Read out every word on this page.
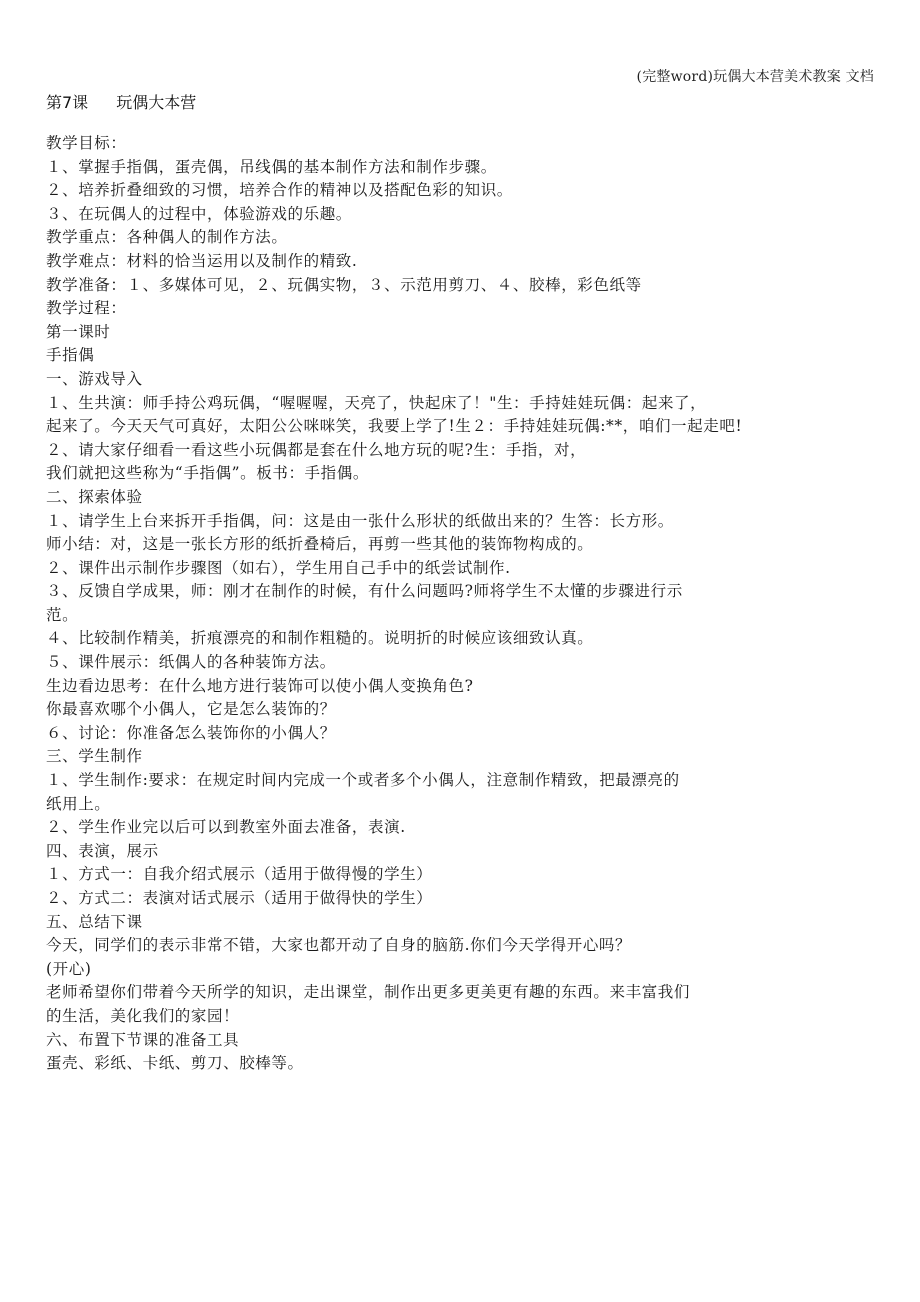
(完整word)玩偶大本营美术教案 文档
第7课 玩偶大本营
教学目标：
１、掌握手指偶，蛋壳偶，吊线偶的基本制作方法和制作步骤。
２、培养折叠细致的习惯，培养合作的精神以及搭配色彩的知识。
３、在玩偶人的过程中，体验游戏的乐趣。
教学重点：各种偶人的制作方法。
教学难点：材料的恰当运用以及制作的精致.
教学准备：１、多媒体可见，２、玩偶实物，３、示范用剪刀、４、胶棒，彩色纸等
教学过程：
第一课时
手指偶
一、游戏导入
１、生共演：师手持公鸡玩偶，“喔喔喔，天亮了，快起床了！"生：手持娃娃玩偶：起来了，
起来了。今天天气可真好，太阳公公咪咪笑，我要上学了!生２：手持娃娃玩偶:**，咱们一起走吧!
２、请大家仔细看一看这些小玩偶都是套在什么地方玩的呢?生：手指，对，
我们就把这些称为“手指偶”。板书：手指偶。
二、探索体验
１、请学生上台来拆开手指偶，问：这是由一张什么形状的纸做出来的？生答：长方形。
师小结：对，这是一张长方形的纸折叠椅后，再剪一些其他的装饰物构成的。
２、课件出示制作步骤图（如右），学生用自己手中的纸尝试制作.
３、反馈自学成果，师：刚才在制作的时候，有什么问题吗?师将学生不太懂的步骤进行示
范。
４、比较制作精美，折痕漂亮的和制作粗糙的。说明折的时候应该细致认真。
５、课件展示：纸偶人的各种装饰方法。
生边看边思考：在什么地方进行装饰可以使小偶人变换角色?
你最喜欢哪个小偶人，它是怎么装饰的？
６、讨论：你准备怎么装饰你的小偶人？
三、学生制作
１、学生制作:要求：在规定时间内完成一个或者多个小偶人，注意制作精致，把最漂亮的
纸用上。
２、学生作业完以后可以到教室外面去准备，表演.
四、表演，展示
１、方式一：自我介绍式展示（适用于做得慢的学生）
２、方式二：表演对话式展示（适用于做得快的学生）
五、总结下课
今天，同学们的表示非常不错，大家也都开动了自身的脑筋.你们今天学得开心吗？
(开心)
老师希望你们带着今天所学的知识，走出课堂，制作出更多更美更有趣的东西。来丰富我们
的生活，美化我们的家园！
六、布置下节课的准备工具
蛋壳、彩纸、卡纸、剪刀、胶棒等。
